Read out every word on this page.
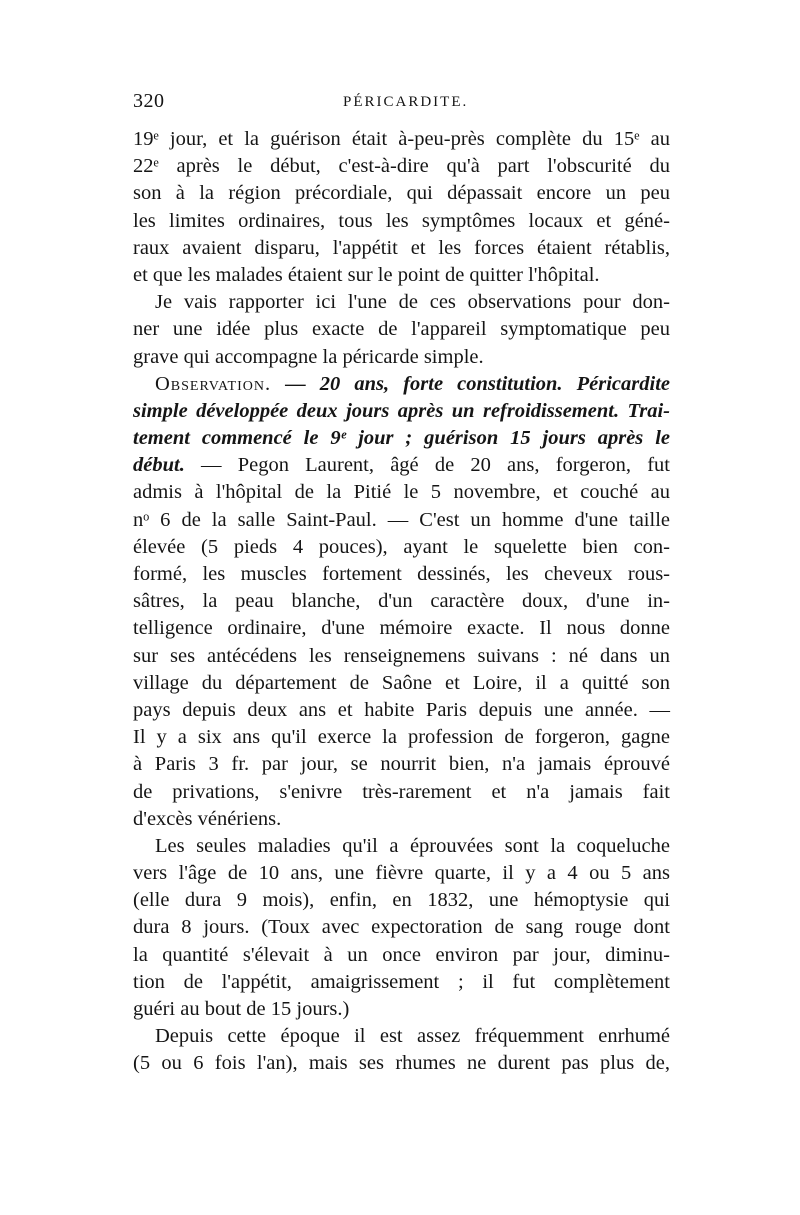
320	PÉRICARDITE.
19ᵉ jour, et la guérison était à-peu-près complète du 15ᵉ au
22ᵉ après le début, c'est-à-dire qu'à part l'obscurité du
son à la région précordiale, qui dépassait encore un peu
les limites ordinaires, tous les symptômes locaux et géné-
raux avaient disparu, l'appétit et les forces étaient rétablis,
et que les malades étaient sur le point de quitter l'hôpital.
Je vais rapporter ici l'une de ces observations pour don-
ner une idée plus exacte de l'appareil symptomatique peu
grave qui accompagne la péricarde simple.
Observation. — 20 ans, forte constitution. Péricardite
simple développée deux jours après un refroidissement. Trai-
tement commencé le 9ᵉ jour ; guérison 15 jours après le
début. — Pegon Laurent, âgé de 20 ans, forgeron, fut
admis à l'hôpital de la Pitié le 5 novembre, et couché au
nᵒ 6 de la salle Saint-Paul. — C'est un homme d'une taille
élevée (5 pieds 4 pouces), ayant le squelette bien con-
formé, les muscles fortement dessinés, les cheveux rous-
sâtres, la peau blanche, d'un caractère doux, d'une in-
telligence ordinaire, d'une mémoire exacte. Il nous donne
sur ses antécédens les renseignemens suivans : né dans un
village du département de Saône et Loire, il a quitté son
pays depuis deux ans et habite Paris depuis une année. —
Il y a six ans qu'il exerce la profession de forgeron, gagne
à Paris 3 fr. par jour, se nourrit bien, n'a jamais éprouvé
de privations, s'enivre très-rarement et n'a jamais fait
d'excès vénériens.
Les seules maladies qu'il a éprouvées sont la coqueluche
vers l'âge de 10 ans, une fièvre quarte, il y a 4 ou 5 ans
(elle dura 9 mois), enfin, en 1832, une hémoptysie qui
dura 8 jours. (Toux avec expectoration de sang rouge dont
la quantité s'élevait à un once environ par jour, diminu-
tion de l'appétit, amaigrissement ; il fut complètement
guéri au bout de 15 jours.)
Depuis cette époque il est assez fréquemment enrhumé
(5 ou 6 fois l'an), mais ses rhumes ne durent pas plus de,
